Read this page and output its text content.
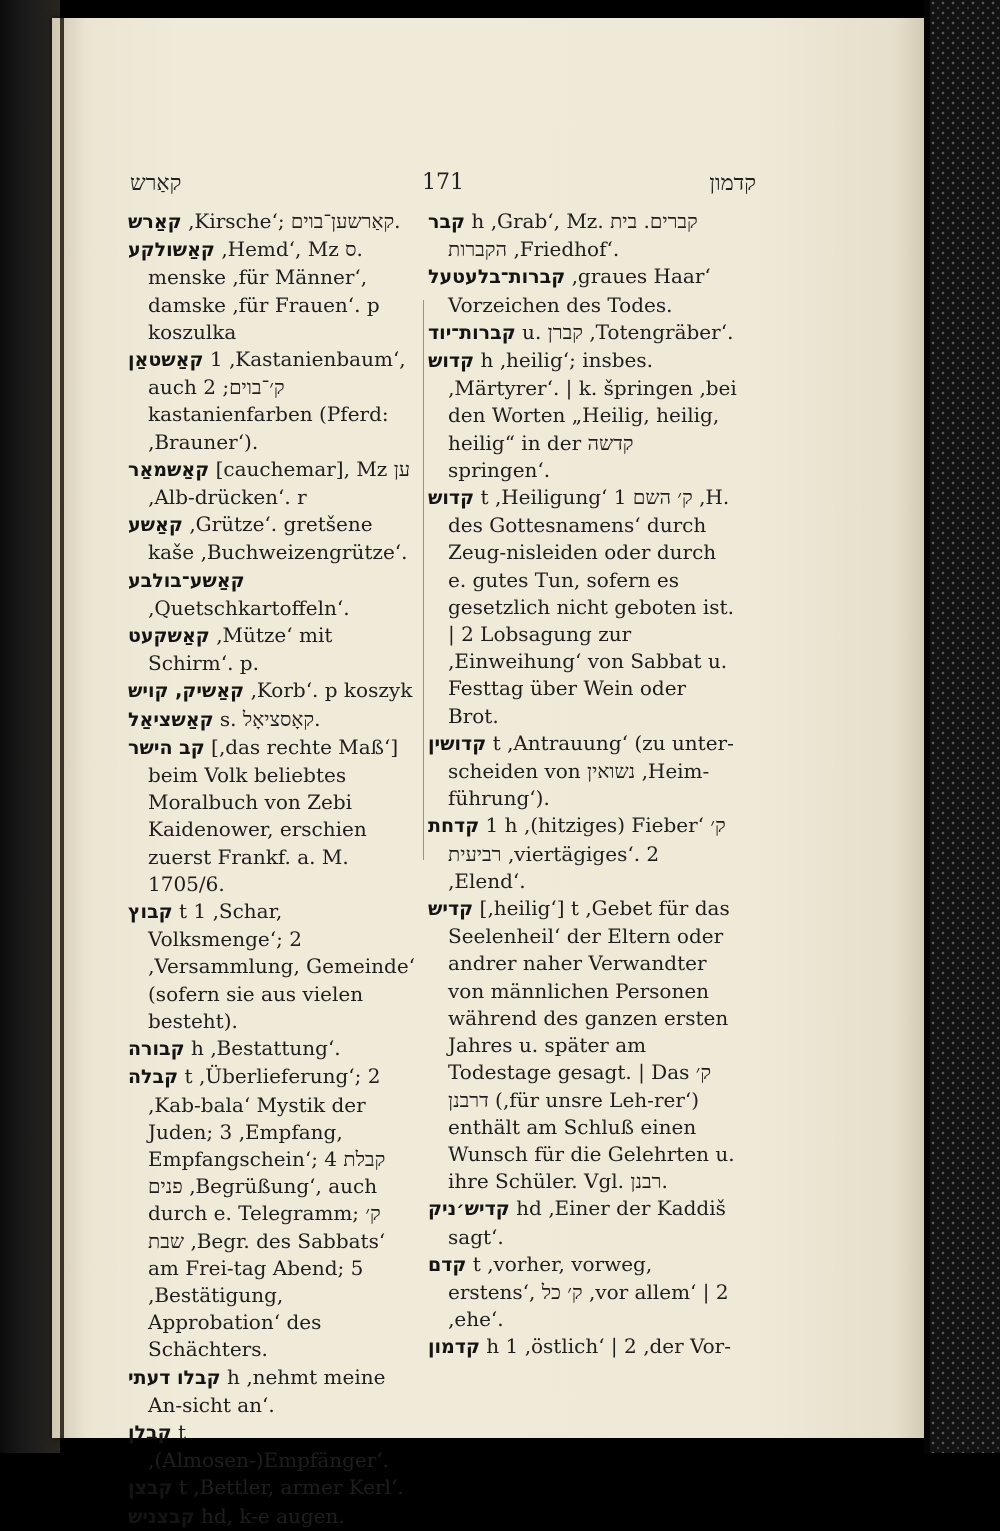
קאַרש	171	קדמון

קאַרש ‚Kirsche‘; קאַרשען־בוים.

קאַשולקע ‚Hemd‘, Mz ס. menske ‚für Männer‘, damske ‚für Frauen‘. p koszulka

קאַשטאַן 1 ‚Kastanienbaum‘, auch ק׳־בוים; 2 kastanienfarben (Pferd: ‚Brauner‘).

קאַשמאַר [cauchemar], Mz ען ‚Alb-drücken‘. r

קאַשע ‚Grütze‘. gretšene kaše ‚Buchweizengrütze‘.

קאַשע־בולבע ‚Quetschkartoffeln‘.

קאַשקעט ‚Mütze‘ mit Schirm‘. p.

קאַשיק, קויש ‚Korb‘. p koszyk

קאַשציאַל s. קאָסציאָל.

קב הישר [‚das rechte Maß‘] beim Volk beliebtes Moralbuch von Zebi Kaidenower, erschien zuerst Frankf. a. M. 1705/6.

קבוץ t 1 ‚Schar, Volksmenge‘; 2 ‚Versammlung, Gemeinde‘ (sofern sie aus vielen besteht).

קבורה h ‚Bestattung‘.

קבלה t ‚Überlieferung‘; 2 ‚Kab-bala‘ Mystik der Juden; 3 ‚Empfang, Empfangschein‘; 4 קבלת פנים ‚Begrüßung‘, auch durch e. Telegramm; ק׳ שבת ‚Begr. des Sabbats‘ am Frei-tag Abend; 5 ‚Bestätigung, Approbation‘ des Schächters.

קבלו דעתי h ‚nehmt meine An-sicht an‘.

קבלן t ‚(Almosen-)Empfänger‘.

קבצן t ‚Bettler, armer Kerl‘.

קבצניש hd, k-e augen.

קבר h ‚Grab‘, Mz. קברים. בית הקברות ‚Friedhof‘.

קברות־בלעטעל ‚graues Haar‘ Vorzeichen des Todes.

קברות־יוד u. קברן ‚Totengräber‘.

קדוש h ‚heilig‘; insbes. ‚Märtyrer‘. | k. špringen ‚bei den Worten „Heilig, heilig, heilig“ in der קדשה springen‘.

קדוש t ‚Heiligung‘ 1 ק׳ השם ‚H. des Gottesnamens‘ durch Zeug-nisleiden oder durch e. gutes Tun, sofern es gesetzlich nicht geboten ist. | 2 Lobsagung zur ‚Einweihung‘ von Sabbat u. Festtag über Wein oder Brot.

קדושין t ‚Antrauung‘ (zu unter-scheiden von נשואין ‚Heim-führung‘).

קדחת 1 h ‚(hitziges) Fieber‘ ק׳ רביעית ‚viertägiges‘. 2 ‚Elend‘.

קדיש [‚heilig‘] t ‚Gebet für das Seelenheil‘ der Eltern oder andrer naher Verwandter von männlichen Personen während des ganzen ersten Jahres u. später am Todestage gesagt. | Das ק׳ דרבנן (‚für unsre Leh-rer‘) enthält am Schluß einen Wunsch für die Gelehrten u. ihre Schüler. Vgl. רבנן.

קדיש׳ניק hd ‚Einer der Kaddiš sagt‘.

קדם t ‚vorher, vorweg, erstens‘, ק׳ כל ‚vor allem‘ | 2 ‚ehe‘.

קדמון h 1 ‚östlich‘ | 2 ‚der Vor-
